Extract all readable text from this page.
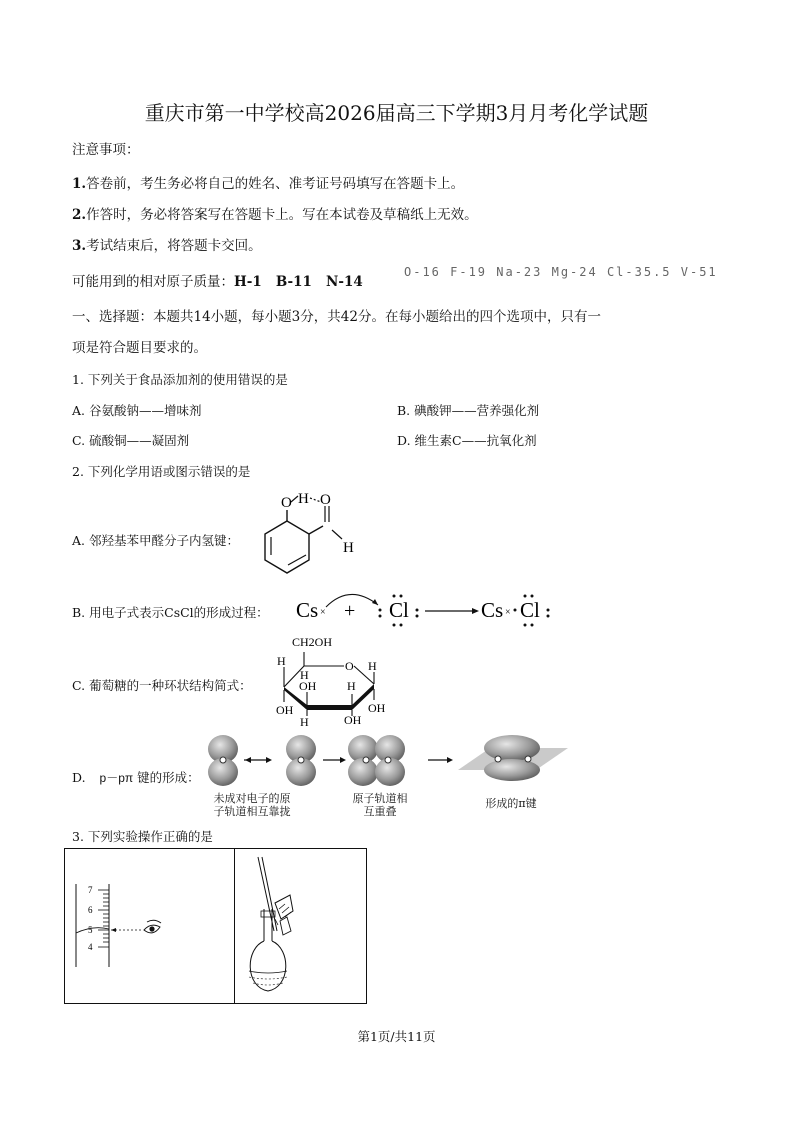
重庆市第一中学校高2026届高三下学期3月月考化学试题
注意事项：
1.答卷前，考生务必将自己的姓名、准考证号码填写在答题卡上。
2.作答时，务必将答案写在答题卡上。写在本试卷及草稿纸上无效。
3.考试结束后，将答题卡交回。
可能用到的相对原子质量：H-1   B-11   N-14
O-16 F-19 Na-23 Mg-24 Cl-35.5 V-51
一、选择题：本题共14小题，每小题3分，共42分。在每小题给出的四个选项中，只有一
项是符合题目要求的。
1. 下列关于食品添加剂的使用错误的是
A. 谷氨酸钠——增味剂	B. 碘酸钾——营养强化剂
C. 硫酸铜——凝固剂	D. 维生素C——抗氧化剂
2. 下列化学用语或图示错误的是
A. 邻羟基苯甲醛分子内氢键：
O H O
H
B. 用电子式表示CsCl的形成过程： Cs × + Cl	Cs × Cl
C. 葡萄糖的一种环状结构简式：
CH2OH
O
H
H
OH	H
H
OH
OH
OH
H
D. p－pπ 键的形成：
未成对电子的原子轨道相互靠拢
原子轨道相互重叠
形成的π键
3. 下列实验操作正确的是
7
6
5
4
第1页/共11页
